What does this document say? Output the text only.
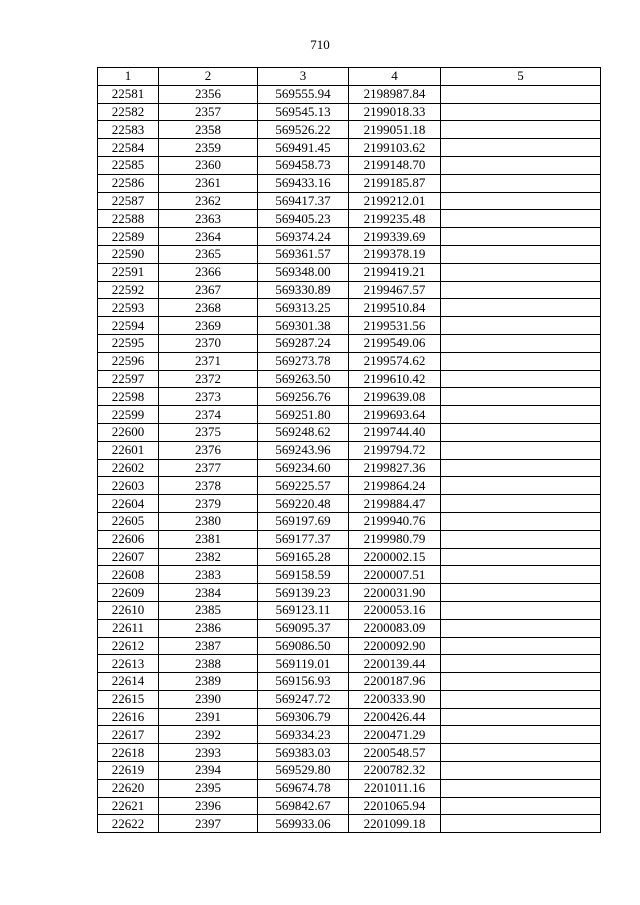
710
1	2	3	4	5
22581	2356	569555.94	2198987.84	
22582	2357	569545.13	2199018.33	
22583	2358	569526.22	2199051.18	
22584	2359	569491.45	2199103.62	
22585	2360	569458.73	2199148.70	
22586	2361	569433.16	2199185.87	
22587	2362	569417.37	2199212.01	
22588	2363	569405.23	2199235.48	
22589	2364	569374.24	2199339.69	
22590	2365	569361.57	2199378.19	
22591	2366	569348.00	2199419.21	
22592	2367	569330.89	2199467.57	
22593	2368	569313.25	2199510.84	
22594	2369	569301.38	2199531.56	
22595	2370	569287.24	2199549.06	
22596	2371	569273.78	2199574.62	
22597	2372	569263.50	2199610.42	
22598	2373	569256.76	2199639.08	
22599	2374	569251.80	2199693.64	
22600	2375	569248.62	2199744.40	
22601	2376	569243.96	2199794.72	
22602	2377	569234.60	2199827.36	
22603	2378	569225.57	2199864.24	
22604	2379	569220.48	2199884.47	
22605	2380	569197.69	2199940.76	
22606	2381	569177.37	2199980.79	
22607	2382	569165.28	2200002.15	
22608	2383	569158.59	2200007.51	
22609	2384	569139.23	2200031.90	
22610	2385	569123.11	2200053.16	
22611	2386	569095.37	2200083.09	
22612	2387	569086.50	2200092.90	
22613	2388	569119.01	2200139.44	
22614	2389	569156.93	2200187.96	
22615	2390	569247.72	2200333.90	
22616	2391	569306.79	2200426.44	
22617	2392	569334.23	2200471.29	
22618	2393	569383.03	2200548.57	
22619	2394	569529.80	2200782.32	
22620	2395	569674.78	2201011.16	
22621	2396	569842.67	2201065.94	
22622	2397	569933.06	2201099.18	
